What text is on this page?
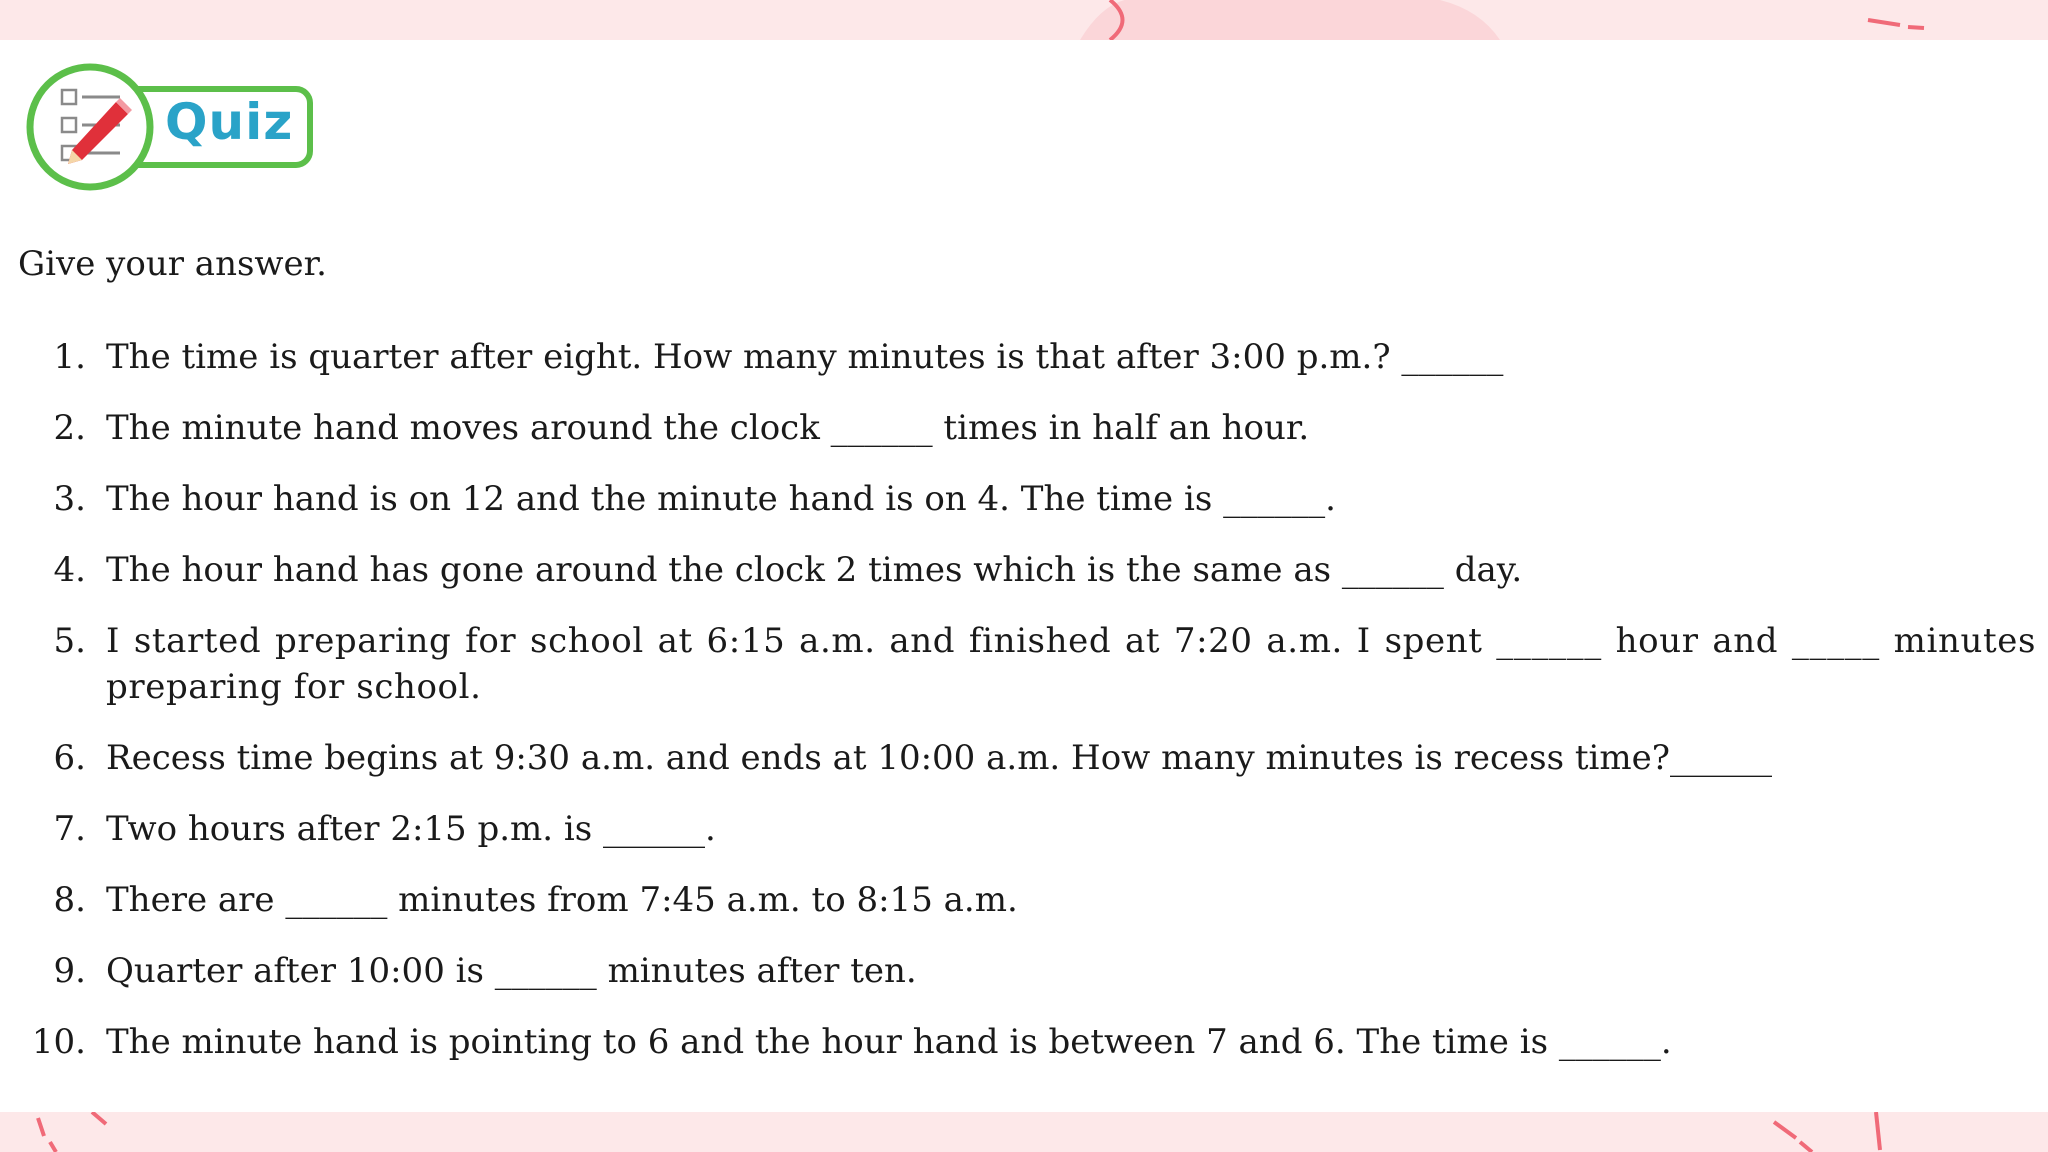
Quiz
Give your answer.
1. The time is quarter after eight. How many minutes is that after 3:00 p.m.? ______
2. The minute hand moves around the clock ______ times in half an hour.
3. The hour hand is on 12 and the minute hand is on 4. The time is ______.
4. The hour hand has gone around the clock 2 times which is the same as ______ day.
5. I started preparing for school at 6:15 a.m. and finished at 7:20 a.m. I spent ______ hour and _____ minutes preparing for school.
6. Recess time begins at 9:30 a.m. and ends at 10:00 a.m. How many minutes is recess time?______
7. Two hours after 2:15 p.m. is ______.
8. There are ______ minutes from 7:45 a.m. to 8:15 a.m.
9. Quarter after 10:00 is ______ minutes after ten.
10. The minute hand is pointing to 6 and the hour hand is between 7 and 6. The time is ______.
